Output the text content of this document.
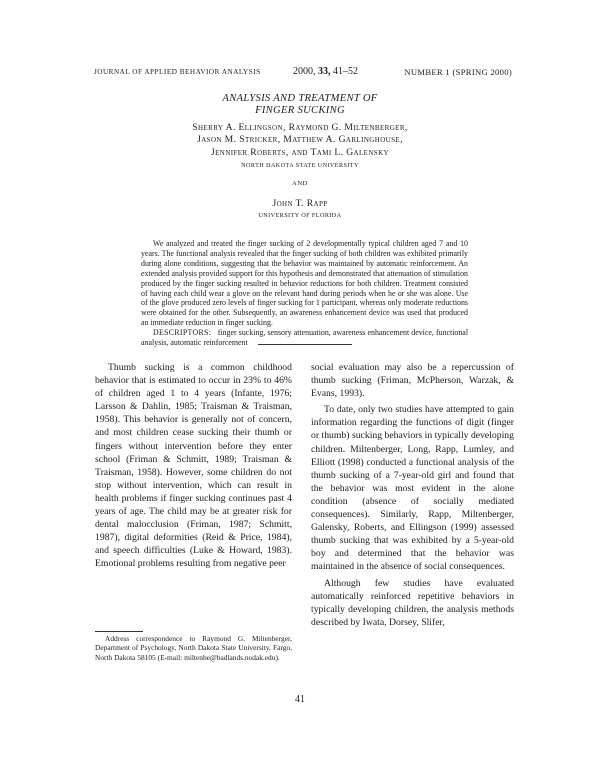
JOURNAL OF APPLIED BEHAVIOR ANALYSIS	2000, 33, 41–52	NUMBER 1 (SPRING 2000)
ANALYSIS AND TREATMENT OF
FINGER SUCKING
Sherry A. Ellingson, Raymond G. Miltenberger,
Jason M. Stricker, Matthew A. Garlinghouse,
Jennifer Roberts, and Tami L. Galensky
NORTH DAKOTA STATE UNIVERSITY
AND
John T. Rapp
UNIVERSITY OF FLORIDA
We analyzed and treated the finger sucking of 2 developmentally typical children aged 7 and 10 years. The functional analysis revealed that the finger sucking of both children was exhibited primarily during alone conditions, suggesting that the behavior was maintained by automatic reinforcement. An extended analysis provided support for this hypothesis and demonstrated that attenuation of stimulation produced by the finger sucking resulted in behavior reductions for both children. Treatment consisted of having each child wear a glove on the relevant hand during periods when he or she was alone. Use of the glove produced zero levels of finger sucking for 1 participant, whereas only moderate reductions were obtained for the other. Subsequently, an awareness enhancement device was used that produced an immediate reduction in finger sucking.
DESCRIPTORS: finger sucking, sensory attenuation, awareness enhancement device, functional analysis, automatic reinforcement

Thumb sucking is a common childhood behavior that is estimated to occur in 23% to 46% of children aged 1 to 4 years (Infante, 1976; Larsson & Dahlin, 1985; Traisman & Traisman, 1958). This behavior is generally not of concern, and most children cease sucking their thumb or fingers without intervention before they enter school (Friman & Schmitt, 1989; Traisman & Traisman, 1958). However, some children do not stop without intervention, which can result in health problems if finger sucking continues past 4 years of age. The child may be at greater risk for dental malocclusion (Friman, 1987; Schmitt, 1987), digital deformities (Reid & Price, 1984), and speech difficulties (Luke & Howard, 1983). Emotional problems resulting from negative peer

social evaluation may also be a repercussion of thumb sucking (Friman, McPherson, Warzak, & Evans, 1993).

To date, only two studies have attempted to gain information regarding the functions of digit (finger or thumb) sucking behaviors in typically developing children. Miltenberger, Long, Rapp, Lumley, and Elliott (1998) conducted a functional analysis of the thumb sucking of a 7-year-old girl and found that the behavior was most evident in the alone condition (absence of socially mediated consequences). Similarly, Rapp, Miltenberger, Galensky, Roberts, and Ellingson (1999) assessed thumb sucking that was exhibited by a 5-year-old boy and determined that the behavior was maintained in the absence of social consequences.

Although few studies have evaluated automatically reinforced repetitive behaviors in typically developing children, the analysis methods described by Iwata, Dorsey, Slifer,

Address correspondence to Raymond G. Miltenberger, Department of Psychology, North Dakota State University, Fargo, North Dakota 58105 (E-mail: miltenbe@badlands.nodak.edu).
41
